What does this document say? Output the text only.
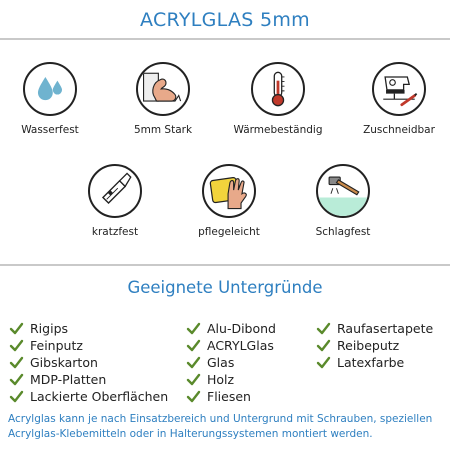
ACRYLGLAS 5mm
Wasserfest	5mm Stark	Wärmebeständig	Zuschneidbar
kratzfest	pflegeleicht	Schlagfest
Geeignete Untergründe
Rigips
Feinputz
Gibskarton
MDP-Platten
Lackierte Oberflächen
Alu-Dibond
ACRYLGlas
Glas
Holz
Fliesen
Raufasertapete
Reibeputz
Latexfarbe
Acrylglas kann je nach Einsatzbereich und Untergrund mit Schrauben, speziellen Acrylglas-Klebemitteln oder in Halterungssystemen montiert werden.
